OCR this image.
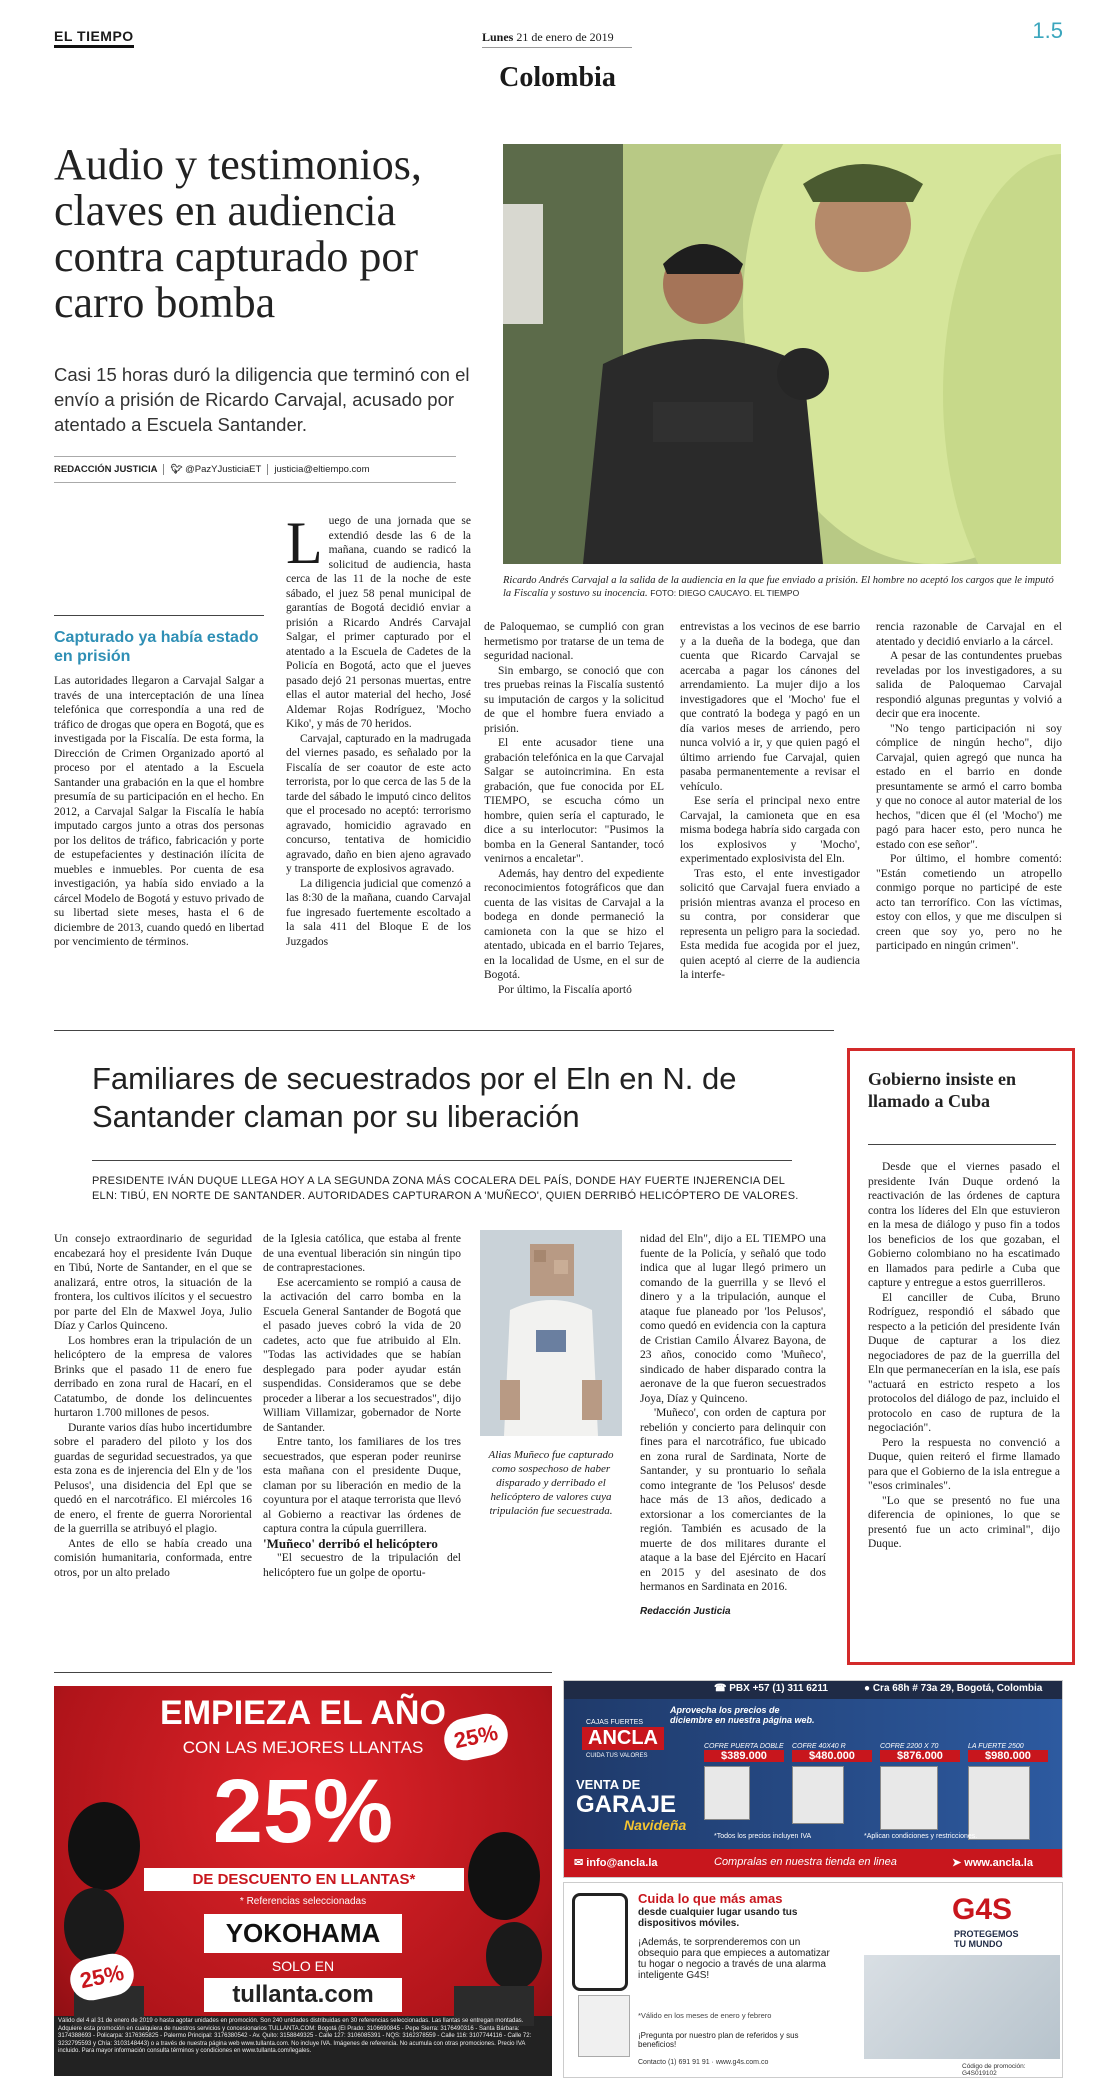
EL TIEMPO	Lunes 21 de enero de 2019	1.5
Colombia
Audio y testimonios, claves en audiencia contra capturado por carro bomba
Casi 15 horas duró la diligencia que terminó con el envío a prisión de Ricardo Carvajal, acusado por atentado a Escuela Santander.
REDACCIÓN JUSTICIA 🐦︎ @PazYJusticiaET justicia@eltiempo.com
Ricardo Andrés Carvajal a la salida de la audiencia en la que fue enviado a prisión. El hombre no aceptó los cargos que le imputó la Fiscalía y sostuvo su inocencia. FOTO: DIEGO CAUCAYO. EL TIEMPO
Capturado ya había estado en prisión

Las autoridades llegaron a Carvajal Salgar a través de una interceptación de una línea telefónica que correspondía a una red de tráfico de drogas que opera en Bogotá, que es investigada por la Fiscalía. De esta forma, la Dirección de Crimen Organizado aportó al proceso por el atentado a la Escuela Santander una grabación en la que el hombre presumía de su participación en el hecho. En 2012, a Carvajal Salgar la Fiscalía le había imputado cargos junto a otras dos personas por los delitos de tráfico, fabricación y porte de estupefacientes y destinación ilícita de muebles e inmuebles. Por cuenta de esa investigación, ya había sido enviado a la cárcel Modelo de Bogotá y estuvo privado de su libertad siete meses, hasta el 6 de diciembre de 2013, cuando quedó en libertad por vencimiento de términos.

L uego de una jornada que se extendió desde las 6 de la mañana, cuando se radicó la solicitud de audiencia, hasta cerca de las 11 de la noche de este sábado, el juez 58 penal municipal de garantías de Bogotá decidió enviar a prisión a Ricardo Andrés Carvajal Salgar, el primer capturado por el atentado a la Escuela de Cadetes de la Policía en Bogotá, acto que el jueves pasado dejó 21 personas muertas, entre ellas el autor material del hecho, José Aldemar Rojas Rodríguez, 'Mocho Kiko', y más de 70 heridos.

Carvajal, capturado en la madrugada del viernes pasado, es señalado por la Fiscalía de ser coautor de este acto terrorista, por lo que cerca de las 5 de la tarde del sábado le imputó cinco delitos que el procesado no aceptó: terrorismo agravado, homicidio agravado en concurso, tentativa de homicidio agravado, daño en bien ajeno agravado y transporte de explosivos agravado.

La diligencia judicial que comenzó a las 8:30 de la mañana, cuando Carvajal fue ingresado fuertemente escoltado a la sala 411 del Bloque E de los Juzgados

de Paloquemao, se cumplió con gran hermetismo por tratarse de un tema de seguridad nacional.

Sin embargo, se conoció que con tres pruebas reinas la Fiscalía sustentó su imputación de cargos y la solicitud de que el hombre fuera enviado a prisión.

El ente acusador tiene una grabación telefónica en la que Carvajal Salgar se autoincrimina. En esta grabación, que fue conocida por EL TIEMPO, se escucha cómo un hombre, quien sería el capturado, le dice a su interlocutor: "Pusimos la bomba en la General Santander, tocó venirnos a encaletar".

Además, hay dentro del expediente reconocimientos fotográficos que dan cuenta de las visitas de Carvajal a la bodega en donde permaneció la camioneta con la que se hizo el atentado, ubicada en el barrio Tejares, en la localidad de Usme, en el sur de Bogotá.

Por último, la Fiscalía aportó

entrevistas a los vecinos de ese barrio y a la dueña de la bodega, que dan cuenta que Ricardo Carvajal se acercaba a pagar los cánones del arrendamiento. La mujer dijo a los investigadores que el 'Mocho' fue el que contrató la bodega y pagó en un día varios meses de arriendo, pero nunca volvió a ir, y que quien pagó el último arriendo fue Carvajal, quien pasaba permanentemente a revisar el vehículo.

Ese sería el principal nexo entre Carvajal, la camioneta que en esa misma bodega habría sido cargada con los explosivos y 'Mocho', experimentado explosivista del Eln.

Tras esto, el ente investigador solicitó que Carvajal fuera enviado a prisión mientras avanza el proceso en su contra, por considerar que representa un peligro para la sociedad. Esta medida fue acogida por el juez, quien aceptó al cierre de la audiencia la interfe-

rencia razonable de Carvajal en el atentado y decidió enviarlo a la cárcel.

A pesar de las contundentes pruebas reveladas por los investigadores, a su salida de Paloquemao Carvajal respondió algunas preguntas y volvió a decir que era inocente.

"No tengo participación ni soy cómplice de ningún hecho", dijo Carvajal, quien agregó que nunca ha estado en el barrio en donde presuntamente se armó el carro bomba y que no conoce al autor material de los hechos, "dicen que él (el 'Mocho') me pagó para hacer esto, pero nunca he estado con ese señor".

Por último, el hombre comentó: "Están cometiendo un atropello conmigo porque no participé de este acto tan terrorífico. Con las víctimas, estoy con ellos, y que me disculpen si creen que soy yo, pero no he participado en ningún crimen".

Familiares de secuestrados por el Eln en N. de Santander claman por su liberación
PRESIDENTE IVÁN DUQUE LLEGA HOY A LA SEGUNDA ZONA MÁS COCALERA DEL PAÍS, DONDE HAY FUERTE INJERENCIA DEL ELN: TIBÚ, EN NORTE DE SANTANDER. AUTORIDADES CAPTURARON A 'MUÑECO', QUIEN DERRIBÓ HELICÓPTERO DE VALORES.

Un consejo extraordinario de seguridad encabezará hoy el presidente Iván Duque en Tibú, Norte de Santander, en el que se analizará, entre otros, la situación de la frontera, los cultivos ilícitos y el secuestro por parte del Eln de Maxwel Joya, Julio Díaz y Carlos Quinceno.

Los hombres eran la tripulación de un helicóptero de la empresa de valores Brinks que el pasado 11 de enero fue derribado en zona rural de Hacarí, en el Catatumbo, de donde los delincuentes hurtaron 1.700 millones de pesos.

Durante varios días hubo incertidumbre sobre el paradero del piloto y los dos guardas de seguridad secuestrados, ya que esta zona es de injerencia del Eln y de 'los Pelusos', una disidencia del Epl que se quedó en el narcotráfico. El miércoles 16 de enero, el frente de guerra Nororiental de la guerrilla se atribuyó el plagio.

Antes de ello se había creado una comisión humanitaria, conformada, entre otros, por un alto prelado

de la Iglesia católica, que estaba al frente de una eventual liberación sin ningún tipo de contraprestaciones.

Ese acercamiento se rompió a causa de la activación del carro bomba en la Escuela General Santander de Bogotá que el pasado jueves cobró la vida de 20 cadetes, acto que fue atribuido al Eln. "Todas las actividades que se habían desplegado para poder ayudar están suspendidas. Consideramos que se debe proceder a liberar a los secuestrados", dijo William Villamizar, gobernador de Norte de Santander.

Entre tanto, los familiares de los tres secuestrados, que esperan poder reunirse esta mañana con el presidente Duque, claman por su liberación en medio de la coyuntura por el ataque terrorista que llevó al Gobierno a reactivar las órdenes de captura contra la cúpula guerrillera.

'Muñeco' derribó el helicóptero

"El secuestro de la tripulación del helicóptero fue un golpe de oportu-

Alias Muñeco fue capturado como sospechoso de haber disparado y derribado el helicóptero de valores cuya tripulación fue secuestrada.

nidad del Eln", dijo a EL TIEMPO una fuente de la Policía, y señaló que todo indica que al lugar llegó primero un comando de la guerrilla y se llevó el dinero y a la tripulación, aunque el ataque fue planeado por 'los Pelusos', como quedó en evidencia con la captura de Cristian Camilo Álvarez Bayona, de 23 años, conocido como 'Muñeco', sindicado de haber disparado contra la aeronave de la que fueron secuestrados Joya, Díaz y Quinceno.

'Muñeco', con orden de captura por rebelión y concierto para delinquir con fines para el narcotráfico, fue ubicado en zona rural de Sardinata, Norte de Santander, y su prontuario lo señala como integrante de 'los Pelusos' desde hace más de 13 años, dedicado a extorsionar a los comerciantes de la región. También es acusado de la muerte de dos militares durante el ataque a la base del Ejército en Hacarí en 2015 y del asesinato de dos hermanos en Sardinata en 2016.

Redacción Justicia

Gobierno insiste en llamado a Cuba

Desde que el viernes pasado el presidente Iván Duque ordenó la reactivación de las órdenes de captura contra los líderes del Eln que estuvieron en la mesa de diálogo y puso fin a todos los beneficios de los que gozaban, el Gobierno colombiano no ha escatimado en llamados para pedirle a Cuba que capture y entregue a estos guerrilleros.

El canciller de Cuba, Bruno Rodríguez, respondió el sábado que respecto a la petición del presidente Iván Duque de capturar a los diez negociadores de paz de la guerrilla del Eln que permanecerían en la isla, ese país "actuará en estricto respeto a los protocolos del diálogo de paz, incluido el protocolo en caso de ruptura de la negociación".

Pero la respuesta no convenció a Duque, quien reiteró el firme llamado para que el Gobierno de la isla entregue a "esos criminales".

"Lo que se presentó no fue una diferencia de opiniones, lo que se presentó fue un acto criminal", dijo Duque.

EMPIEZA EL AÑO
CON LAS MEJORES LLANTAS	25%
25%
DE DESCUENTO EN LLANTAS*
* Referencias seleccionadas
YOKOHAMA
SOLO EN
25%
tullanta.com
Válido del 4 al 31 de enero de 2019 o hasta agotar unidades en promoción. Son 240 unidades distribuidas en 30 referencias seleccionadas. Las llantas se entregan montadas. Adquiere esta promoción en cualquiera de nuestros servicios y concesionarios TULLANTA.COM: Bogotá (El Prado: 3106690845 - Pepe Sierra: 3176490316 - Santa Bárbara: 3174388693 - Policarpa: 3176365825 - Palermo Principal: 3176380542 - Av. Quito: 3158849325 - Calle 127: 3106085391 - NQS: 3162378559 - Calle 116: 3107744116 - Calle 72: 3232795593 y Chía: 3103148443) o a través de nuestra página web www.tullanta.com. No incluye IVA. Imágenes de referencia. No acumula con otras promociones. Precio IVA incluido. Para mayor información consulta términos y condiciones en www.tullanta.com/legales.
☎ PBX +57 (1) 311 6211	● Cra 68h # 73a 29, Bogotá, Colombia
CAJAS FUERTES
ANCLA
CUIDA TUS VALORES
Aprovecha los precios de diciembre en nuestra página web.
VENTA DE
GARAJE
Navideña
COFRE PUERTA DOBLE
$389.000
COFRE 40X40 R
$480.000
COFRE 2200 X 70
$876.000
LA FUERTE 2500
$980.000
*Todos los precios incluyen IVA	*Aplican condiciones y restricciones.
✉ info@ancla.la	Compralas en nuestra tienda en linea	➤ www.ancla.la
Cuida lo que más amas
desde cualquier lugar usando tus dispositivos móviles.
¡Además, te sorprenderemos con un obsequio para que empieces a automatizar tu hogar o negocio a través de una alarma inteligente G4S!
*Válido en los meses de enero y febrero
¡Pregunta por nuestro plan de referidos y sus beneficios!
Contacto (1) 691 91 91 · www.g4s.com.co
G4S
PROTEGEMOS
TU MUNDO
Código de promoción: G4S019102
